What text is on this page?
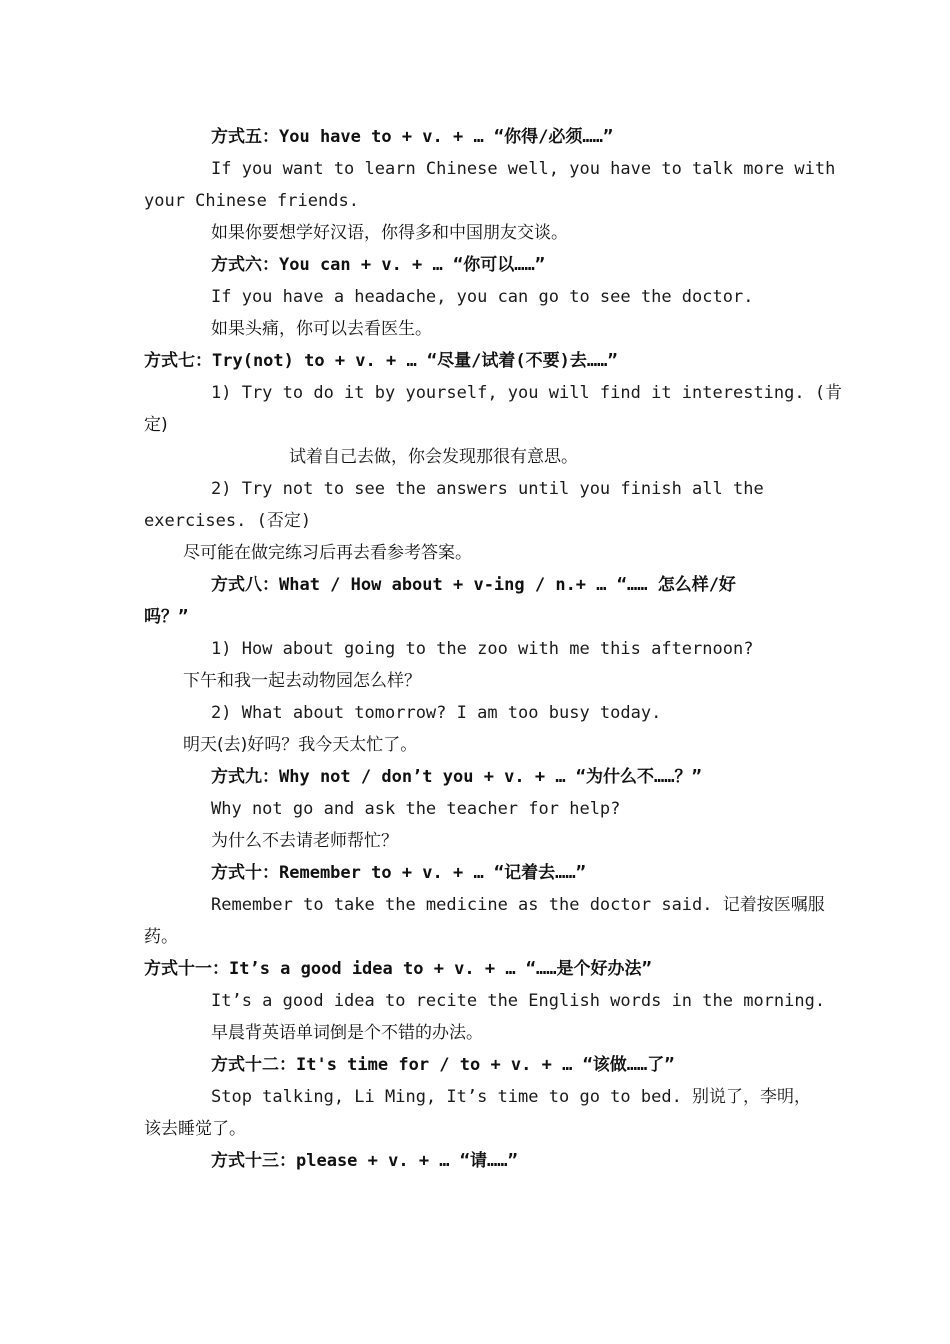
方式五：You have to + v. + … “你得/必须……”
If you want to learn Chinese well, you have to talk more with
your Chinese friends.
如果你要想学好汉语，你得多和中国朋友交谈。
方式六：You can + v. + … “你可以……”
If you have a headache, you can go to see the doctor.
如果头痛，你可以去看医生。
方式七：Try(not) to + v. + … “尽量/试着(不要)去……”
1) Try to do it by yourself, you will find it interesting. (肯
定)
试着自己去做，你会发现那很有意思。
2) Try not to see the answers until you finish all the
exercises. (否定)
尽可能在做完练习后再去看参考答案。
方式八：What / How about + v-ing / n.+ … “…… 怎么样/好
吗？”
1) How about going to the zoo with me this afternoon?
下午和我一起去动物园怎么样？
2) What about tomorrow? I am too busy today.
明天(去)好吗？我今天太忙了。
方式九：Why not / don’t you + v. + … “为什么不……？”
Why not go and ask the teacher for help?
为什么不去请老师帮忙？
方式十：Remember to + v. + … “记着去……”
Remember to take the medicine as the doctor said. 记着按医嘱服
药。
方式十一：It’s a good idea to + v. + … “……是个好办法”
It’s a good idea to recite the English words in the morning.
早晨背英语单词倒是个不错的办法。
方式十二：It's time for / to + v. + … “该做……了”
Stop talking, Li Ming, It’s time to go to bed. 别说了，李明，
该去睡觉了。
方式十三：please + v. + … “请……”
